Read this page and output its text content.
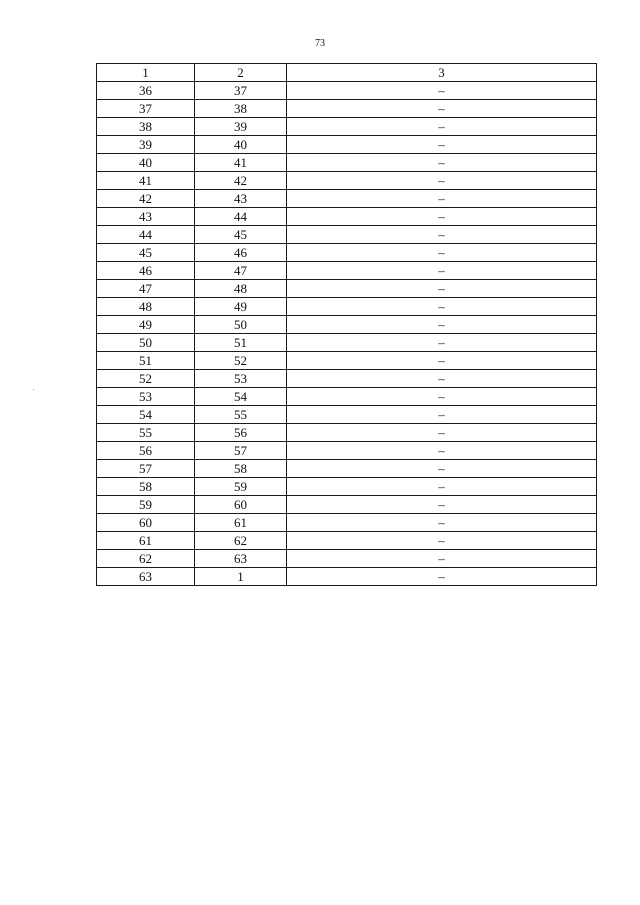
73
1	2	3
36	37	–
37	38	–
38	39	–
39	40	–
40	41	–
41	42	–
42	43	–
43	44	–
44	45	–
45	46	–
46	47	–
47	48	–
48	49	–
49	50	–
50	51	–
51	52	–
52	53	–
53	54	–
54	55	–
55	56	–
56	57	–
57	58	–
58	59	–
59	60	–
60	61	–
61	62	–
62	63	–
63	1	–
